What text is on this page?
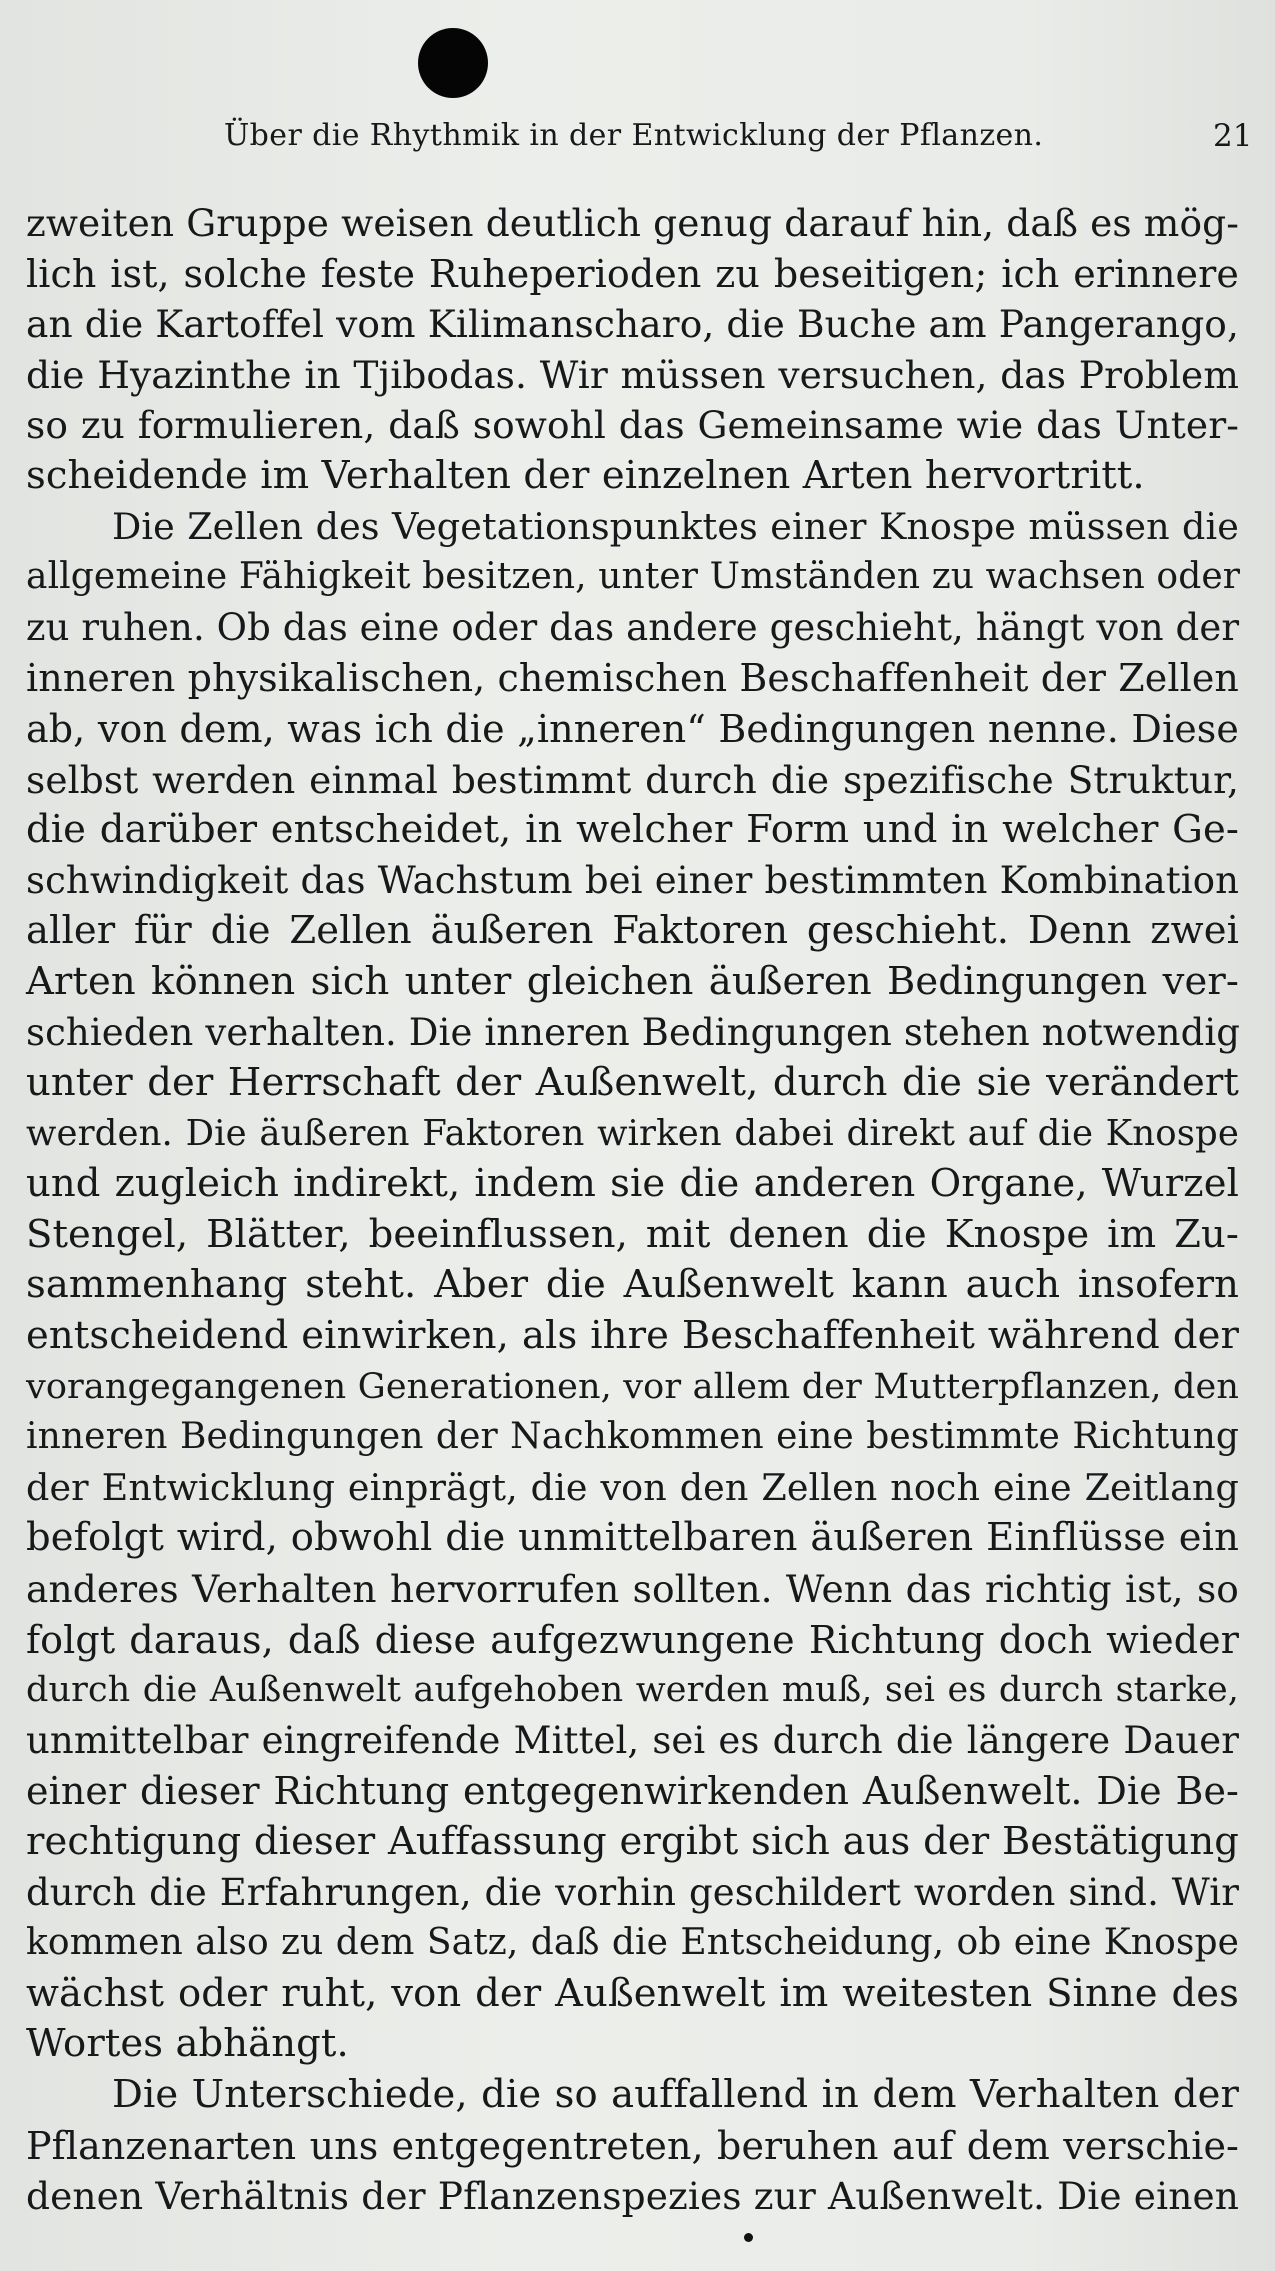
Über die Rhythmik in der Entwicklung der Pflanzen.	21
zweiten Gruppe weisen deutlich genug darauf hin, daß es mög-
lich ist, solche feste Ruheperioden zu beseitigen; ich erinnere
an die Kartoffel vom Kilimanscharo, die Buche am Pangerango,
die Hyazinthe in Tjibodas. Wir müssen versuchen, das Problem
so zu formulieren, daß sowohl das Gemeinsame wie das Unter-
scheidende im Verhalten der einzelnen Arten hervortritt.
Die Zellen des Vegetationspunktes einer Knospe müssen die
allgemeine Fähigkeit besitzen, unter Umständen zu wachsen oder
zu ruhen. Ob das eine oder das andere geschieht, hängt von der
inneren physikalischen, chemischen Beschaffenheit der Zellen
ab, von dem, was ich die „inneren“ Bedingungen nenne. Diese
selbst werden einmal bestimmt durch die spezifische Struktur,
die darüber entscheidet, in welcher Form und in welcher Ge-
schwindigkeit das Wachstum bei einer bestimmten Kombination
aller für die Zellen äußeren Faktoren geschieht. Denn zwei
Arten können sich unter gleichen äußeren Bedingungen ver-
schieden verhalten. Die inneren Bedingungen stehen notwendig
unter der Herrschaft der Außenwelt, durch die sie verändert
werden. Die äußeren Faktoren wirken dabei direkt auf die Knospe
und zugleich indirekt, indem sie die anderen Organe, Wurzel
Stengel, Blätter, beeinflussen, mit denen die Knospe im Zu-
sammenhang steht. Aber die Außenwelt kann auch insofern
entscheidend einwirken, als ihre Beschaffenheit während der
vorangegangenen Generationen, vor allem der Mutterpflanzen, den
inneren Bedingungen der Nachkommen eine bestimmte Richtung
der Entwicklung einprägt, die von den Zellen noch eine Zeitlang
befolgt wird, obwohl die unmittelbaren äußeren Einflüsse ein
anderes Verhalten hervorrufen sollten. Wenn das richtig ist, so
folgt daraus, daß diese aufgezwungene Richtung doch wieder
durch die Außenwelt aufgehoben werden muß, sei es durch starke,
unmittelbar eingreifende Mittel, sei es durch die längere Dauer
einer dieser Richtung entgegenwirkenden Außenwelt. Die Be-
rechtigung dieser Auffassung ergibt sich aus der Bestätigung
durch die Erfahrungen, die vorhin geschildert worden sind. Wir
kommen also zu dem Satz, daß die Entscheidung, ob eine Knospe
wächst oder ruht, von der Außenwelt im weitesten Sinne des
Wortes abhängt.
Die Unterschiede, die so auffallend in dem Verhalten der
Pflanzenarten uns entgegentreten, beruhen auf dem verschie-
denen Verhältnis der Pflanzenspezies zur Außenwelt. Die einen
